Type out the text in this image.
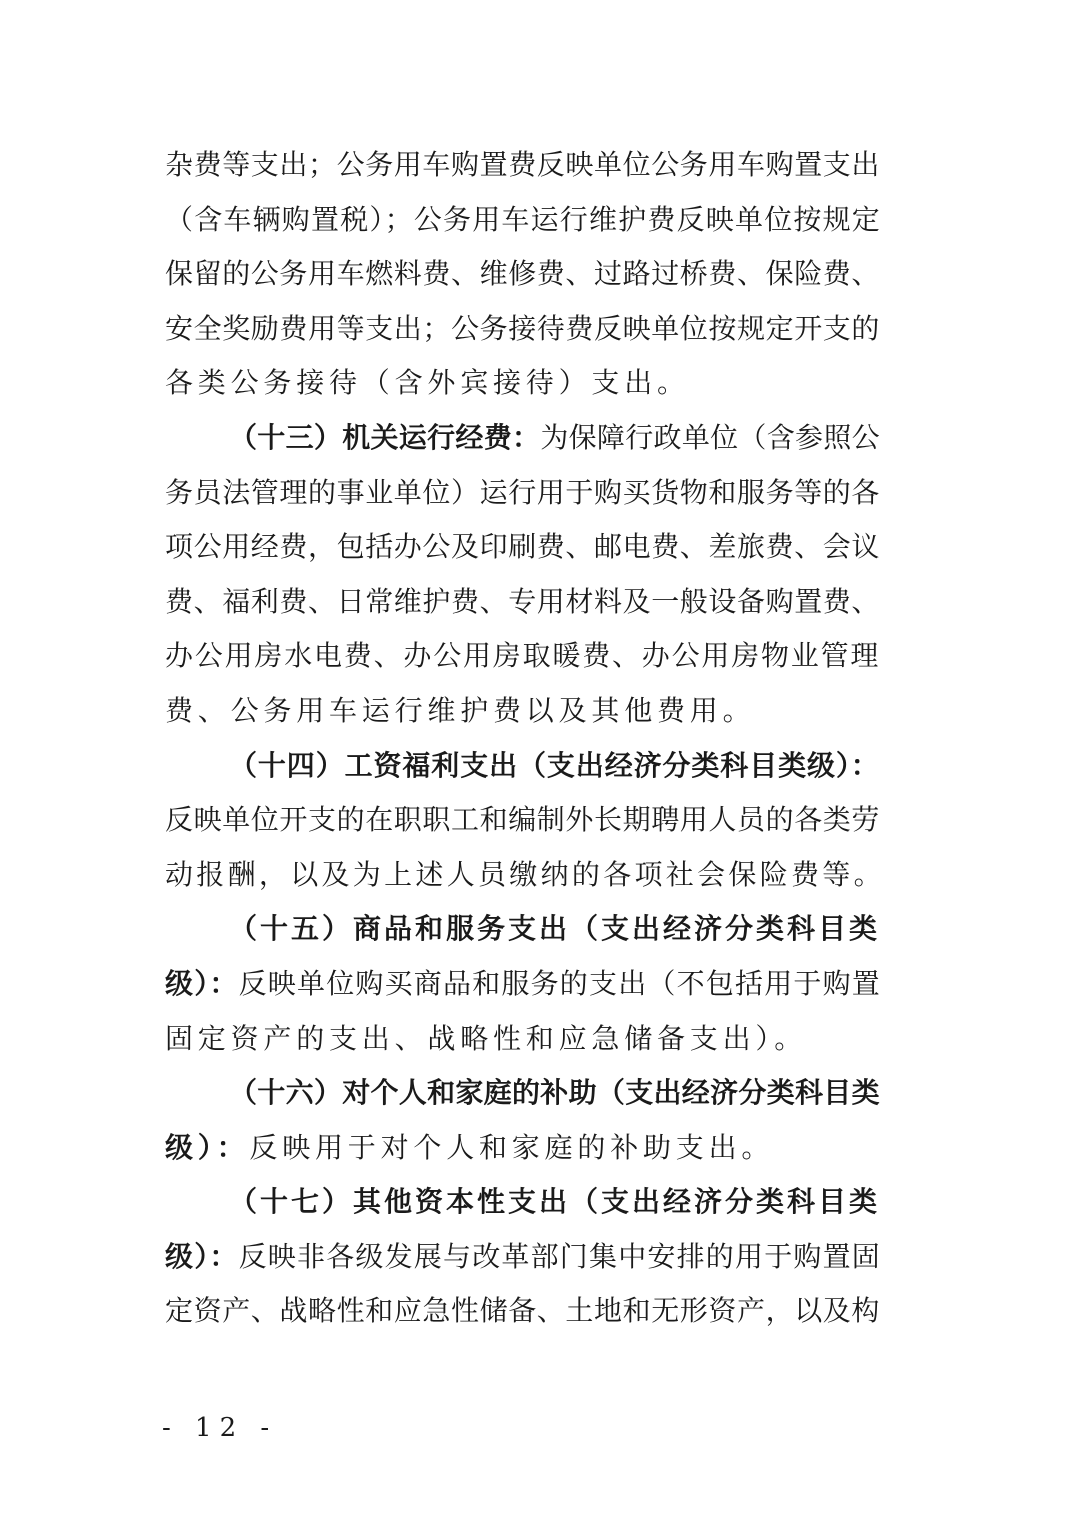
杂费等支出；公务用车购置费反映单位公务用车购置支出
（含车辆购置税）；公务用车运行维护费反映单位按规定
保留的公务用车燃料费、维修费、过路过桥费、保险费、
安全奖励费用等支出；公务接待费反映单位按规定开支的
各类公务接待（含外宾接待）支出。
（十三）机关运行经费：为保障行政单位（含参照公
务员法管理的事业单位）运行用于购买货物和服务等的各
项公用经费，包括办公及印刷费、邮电费、差旅费、会议
费、福利费、日常维护费、专用材料及一般设备购置费、
办公用房水电费、办公用房取暖费、办公用房物业管理
费、公务用车运行维护费以及其他费用。
（十四）工资福利支出（支出经济分类科目类级）：
反映单位开支的在职职工和编制外长期聘用人员的各类劳
动报酬，以及为上述人员缴纳的各项社会保险费等。
（十五）商品和服务支出（支出经济分类科目类
级）：反映单位购买商品和服务的支出（不包括用于购置
固定资产的支出、战略性和应急储备支出）。
（十六）对个人和家庭的补助（支出经济分类科目类
级）：反映用于对个人和家庭的补助支出。
（十七）其他资本性支出（支出经济分类科目类
级）：反映非各级发展与改革部门集中安排的用于购置固
定资产、战略性和应急性储备、土地和无形资产，以及构
- 12 -
